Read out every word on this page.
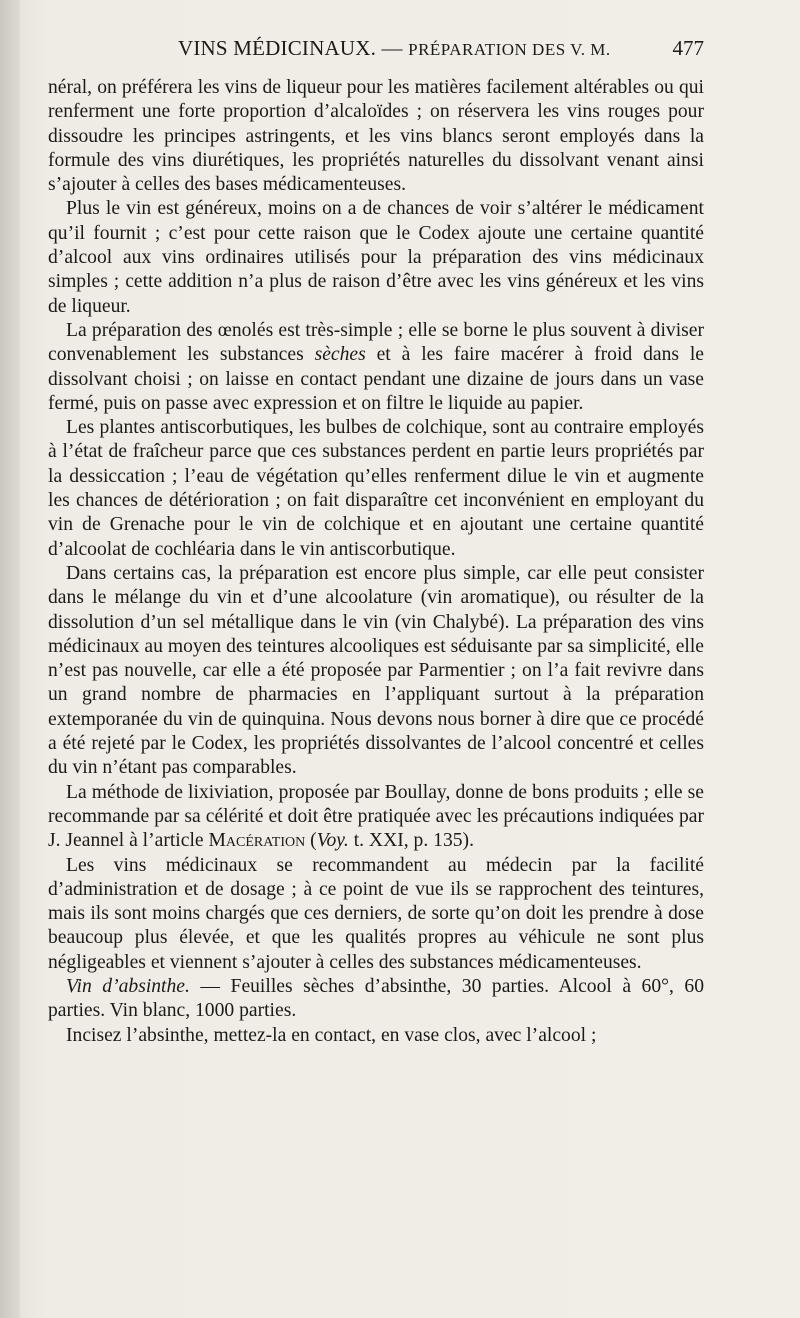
VINS MÉDICINAUX. — PRÉPARATION DES V. M.	477

néral, on préférera les vins de liqueur pour les matières facilement altérables ou qui renferment une forte proportion d’alcaloïdes ; on réservera les vins rouges pour dissoudre les principes astringents, et les vins blancs seront employés dans la formule des vins diurétiques, les propriétés naturelles du dissolvant venant ainsi s’ajouter à celles des bases médicamenteuses.

Plus le vin est généreux, moins on a de chances de voir s’altérer le médicament qu’il fournit ; c’est pour cette raison que le Codex ajoute une certaine quantité d’alcool aux vins ordinaires utilisés pour la préparation des vins médicinaux simples ; cette addition n’a plus de raison d’être avec les vins généreux et les vins de liqueur.

La préparation des œnolés est très-simple ; elle se borne le plus souvent à diviser convenablement les substances sèches et à les faire macérer à froid dans le dissolvant choisi ; on laisse en contact pendant une dizaine de jours dans un vase fermé, puis on passe avec expression et on filtre le liquide au papier.

Les plantes antiscorbutiques, les bulbes de colchique, sont au contraire employés à l’état de fraîcheur parce que ces substances perdent en partie leurs propriétés par la dessiccation ; l’eau de végétation qu’elles renferment dilue le vin et augmente les chances de détérioration ; on fait disparaître cet inconvénient en employant du vin de Grenache pour le vin de colchique et en ajoutant une certaine quantité d’alcoolat de cochléaria dans le vin antiscorbutique.

Dans certains cas, la préparation est encore plus simple, car elle peut consister dans le mélange du vin et d’une alcoolature (vin aromatique), ou résulter de la dissolution d’un sel métallique dans le vin (vin Chalybé). La préparation des vins médicinaux au moyen des teintures alcooliques est séduisante par sa simplicité, elle n’est pas nouvelle, car elle a été proposée par Parmentier ; on l’a fait revivre dans un grand nombre de pharmacies en l’appliquant surtout à la préparation extemporanée du vin de quinquina. Nous devons nous borner à dire que ce procédé a été rejeté par le Codex, les propriétés dissolvantes de l’alcool concentré et celles du vin n’étant pas comparables.

La méthode de lixiviation, proposée par Boullay, donne de bons produits ; elle se recommande par sa célérité et doit être pratiquée avec les précautions indiquées par J. Jeannel à l’article Macération (Voy. t. XXI, p. 135).

Les vins médicinaux se recommandent au médecin par la facilité d’administration et de dosage ; à ce point de vue ils se rapprochent des teintures, mais ils sont moins chargés que ces derniers, de sorte qu’on doit les prendre à dose beaucoup plus élevée, et que les qualités propres au véhicule ne sont plus négligeables et viennent s’ajouter à celles des substances médicamenteuses.

Vin d’absinthe. — Feuilles sèches d’absinthe, 30 parties. Alcool à 60°, 60 parties. Vin blanc, 1000 parties.

Incisez l’absinthe, mettez-la en contact, en vase clos, avec l’alcool ;
